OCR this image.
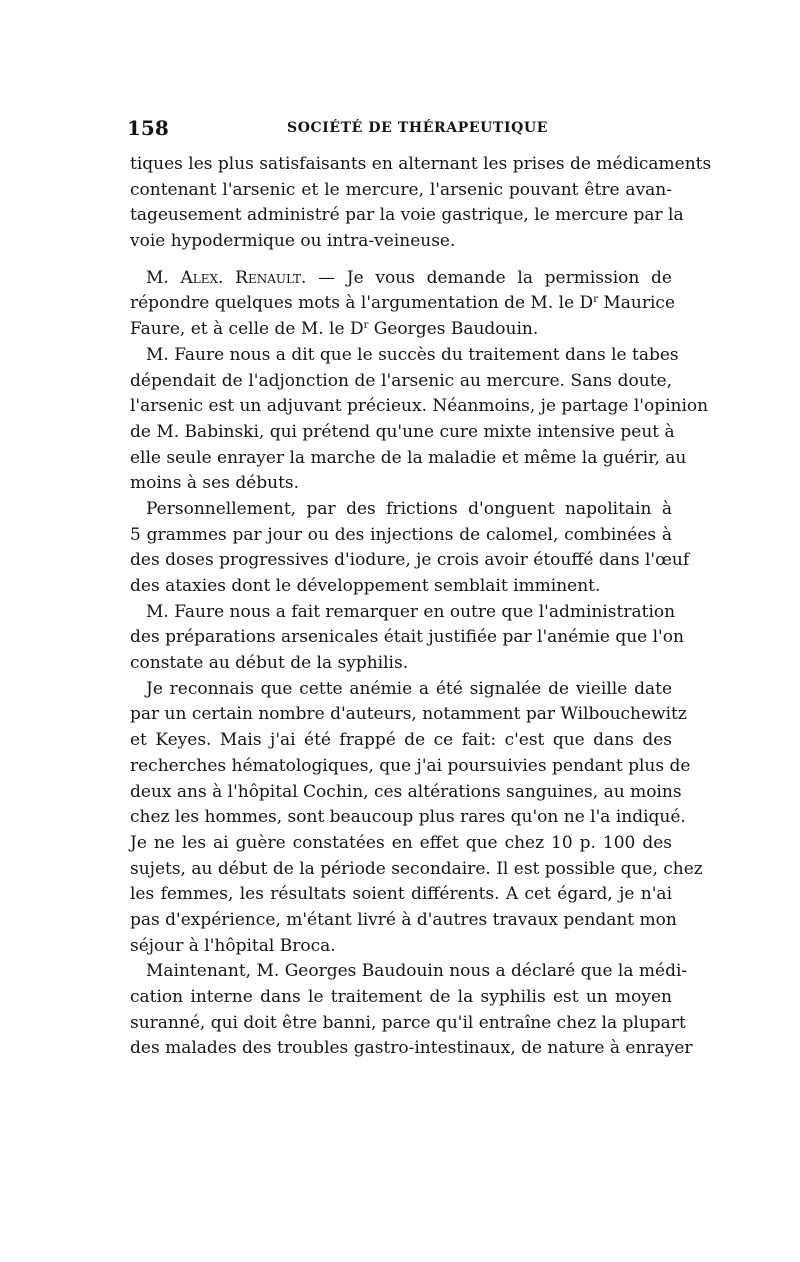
158	SOCIÉTÉ DE THÉRAPEUTIQUE
tiques les plus satisfaisants en alternant les prises de médicaments
contenant l'arsenic et le mercure, l'arsenic pouvant être avan-
tageusement administré par la voie gastrique, le mercure par la
voie hypodermique ou intra-veineuse.
M. Alex. Renault. — Je vous demande la permission de
répondre quelques mots à l'argumentation de M. le $D^r$ Maurice
Faure, et à celle de M. le $D^r$ Georges Baudouin.
M. Faure nous a dit que le succès du traitement dans le tabes
dépendait de l'adjonction de l'arsenic au mercure. Sans doute,
l'arsenic est un adjuvant précieux. Néanmoins, je partage l'opinion
de M. Babinski, qui prétend qu'une cure mixte intensive peut à
elle seule enrayer la marche de la maladie et même la guérir, au
moins à ses débuts.
Personnellement, par des frictions d'onguent napolitain à
5 grammes par jour ou des injections de calomel, combinées à
des doses progressives d'iodure, je crois avoir étouffé dans l'œuf
des ataxies dont le développement semblait imminent.
M. Faure nous a fait remarquer en outre que l'administration
des préparations arsenicales était justifiée par l'anémie que l'on
constate au début de la syphilis.
Je reconnais que cette anémie a été signalée de vieille date
par un certain nombre d'auteurs, notamment par Wilbouchewitz
et Keyes. Mais j'ai été frappé de ce fait: c'est que dans des
recherches hématologiques, que j'ai poursuivies pendant plus de
deux ans à l'hôpital Cochin, ces altérations sanguines, au moins
chez les hommes, sont beaucoup plus rares qu'on ne l'a indiqué.
Je ne les ai guère constatées en effet que chez 10 p. 100 des
sujets, au début de la période secondaire. Il est possible que, chez
les femmes, les résultats soient différents. A cet égard, je n'ai
pas d'expérience, m'étant livré à d'autres travaux pendant mon
séjour à l'hôpital Broca.
Maintenant, M. Georges Baudouin nous a déclaré que la médi-
cation interne dans le traitement de la syphilis est un moyen
suranné, qui doit être banni, parce qu'il entraîne chez la plupart
des malades des troubles gastro-intestinaux, de nature à enrayer
